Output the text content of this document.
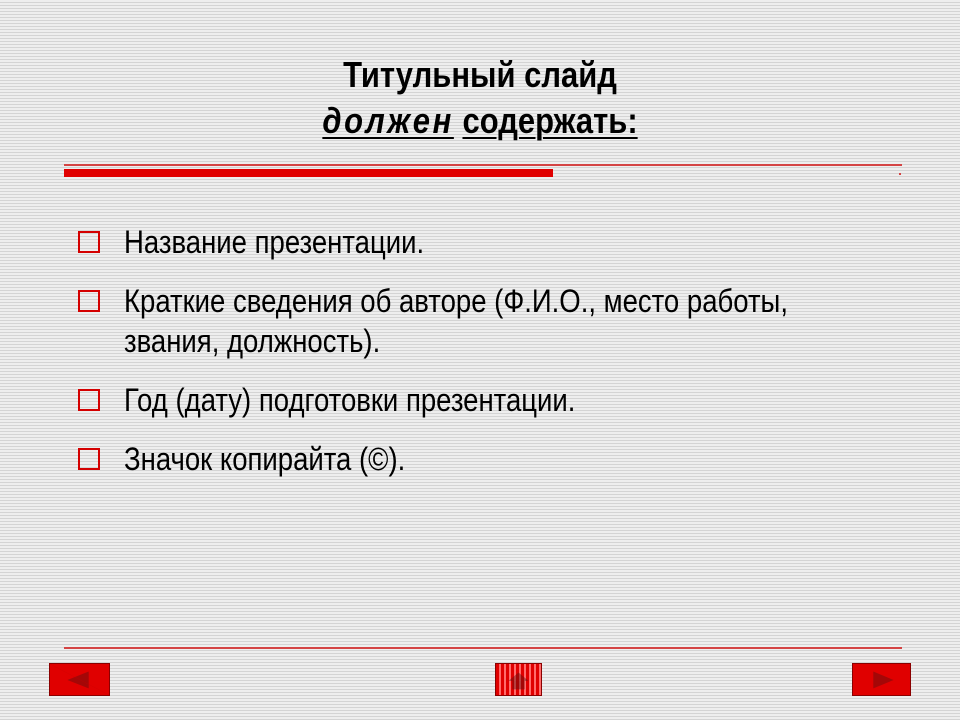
Титульный слайд
должен содержать:
Название презентации.
Краткие сведения об авторе (Ф.И.О., место работы, звания, должность).
Год (дату) подготовки презентации.
Значок копирайта (©).
